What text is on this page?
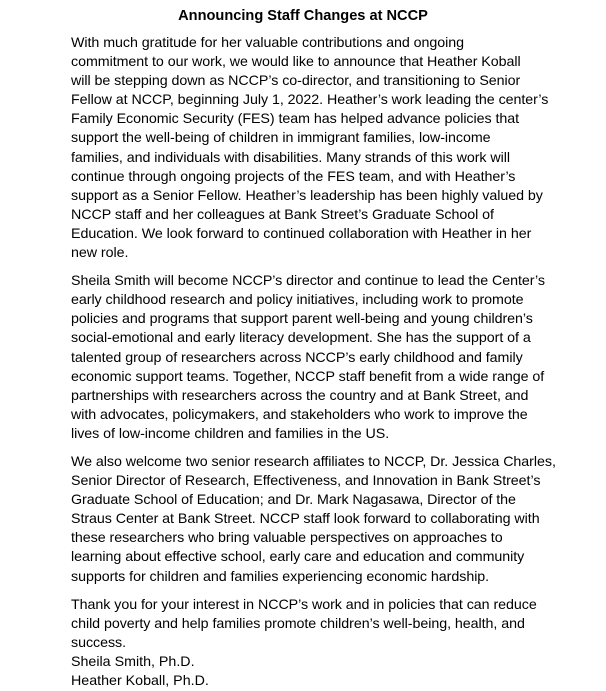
Announcing Staff Changes at NCCP

With much gratitude for her valuable contributions and ongoing
commitment to our work, we would like to announce that Heather Koball
will be stepping down as NCCP’s co-director, and transitioning to Senior
Fellow at NCCP, beginning July 1, 2022. Heather’s work leading the center’s
Family Economic Security (FES) team has helped advance policies that
support the well-being of children in immigrant families, low-income
families, and individuals with disabilities. Many strands of this work will
continue through ongoing projects of the FES team, and with Heather’s
support as a Senior Fellow. Heather’s leadership has been highly valued by
NCCP staff and her colleagues at Bank Street’s Graduate School of
Education. We look forward to continued collaboration with Heather in her
new role.

Sheila Smith will become NCCP’s director and continue to lead the Center’s
early childhood research and policy initiatives, including work to promote
policies and programs that support parent well-being and young children’s
social-emotional and early literacy development. She has the support of a
talented group of researchers across NCCP’s early childhood and family
economic support teams. Together, NCCP staff benefit from a wide range of
partnerships with researchers across the country and at Bank Street, and
with advocates, policymakers, and stakeholders who work to improve the
lives of low-income children and families in the US.

We also welcome two senior research affiliates to NCCP, Dr. Jessica Charles,
Senior Director of Research, Effectiveness, and Innovation in Bank Street’s
Graduate School of Education; and Dr. Mark Nagasawa, Director of the
Straus Center at Bank Street. NCCP staff look forward to collaborating with
these researchers who bring valuable perspectives on approaches to
learning about effective school, early care and education and community
supports for children and families experiencing economic hardship.

Thank you for your interest in NCCP’s work and in policies that can reduce
child poverty and help families promote children’s well-being, health, and
success.

Sheila Smith, Ph.D.

Heather Koball, Ph.D.
